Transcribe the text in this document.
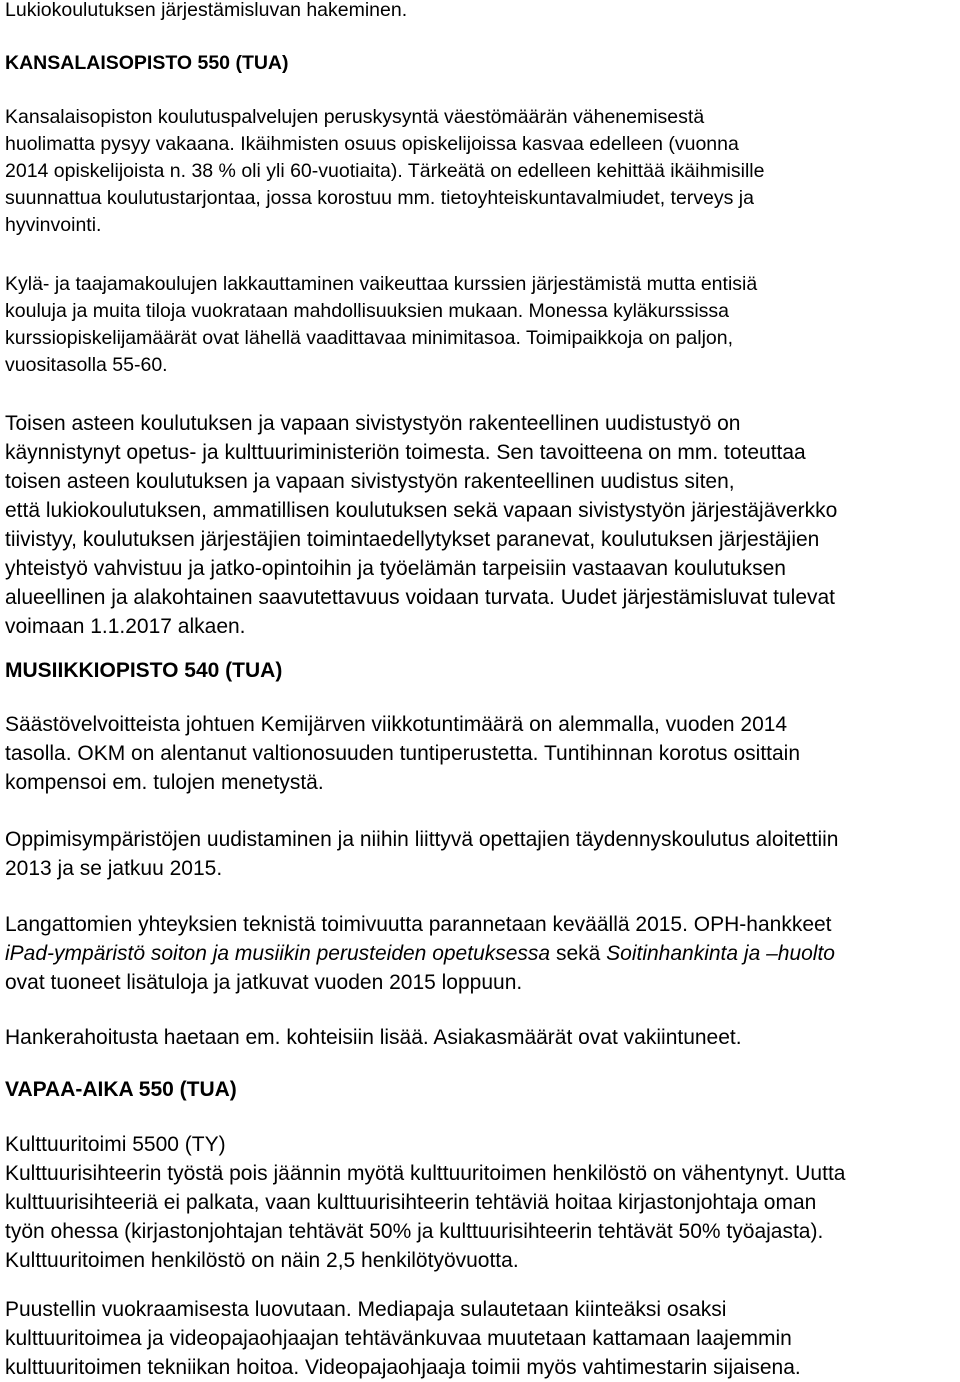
Lukiokoulutuksen järjestämisluvan hakeminen.
KANSALAISOPISTO 550 (TUA)
Kansalaisopiston koulutuspalvelujen peruskysyntä väestömäärän vähenemisestä
huolimatta pysyy vakaana. Ikäihmisten osuus opiskelijoissa kasvaa edelleen (vuonna
2014 opiskelijoista n. 38 % oli yli 60-vuotiaita). Tärkeätä on edelleen kehittää ikäihmisille
suunnattua koulutustarjontaa, jossa korostuu mm. tietoyhteiskuntavalmiudet, terveys ja
hyvinvointi.
Kylä- ja taajamakoulujen lakkauttaminen vaikeuttaa kurssien järjestämistä mutta entisiä
kouluja ja muita tiloja vuokrataan mahdollisuuksien mukaan. Monessa kyläkurssissa
kurssiopiskelijamäärät ovat lähellä vaadittavaa minimitasoa. Toimipaikkoja on paljon,
vuositasolla 55-60.
Toisen asteen koulutuksen ja vapaan sivistystyön rakenteellinen uudistustyö on
käynnistynyt opetus- ja kulttuuriministeriön toimesta. Sen tavoitteena on mm. toteuttaa
toisen asteen koulutuksen ja vapaan sivistystyön rakenteellinen uudistus siten,
että lukiokoulutuksen, ammatillisen koulutuksen sekä vapaan sivistystyön järjestäjäverkko
tiivistyy, koulutuksen järjestäjien toimintaedellytykset paranevat, koulutuksen järjestäjien
yhteistyö vahvistuu ja jatko-opintoihin ja työelämän tarpeisiin vastaavan koulutuksen
alueellinen ja alakohtainen saavutettavuus voidaan turvata. Uudet järjestämisluvat tulevat
voimaan 1.1.2017 alkaen.
MUSIIKKIOPISTO 540 (TUA)
Säästövelvoitteista johtuen Kemijärven viikkotuntimäärä on alemmalla, vuoden 2014
tasolla. OKM on alentanut valtionosuuden tuntiperustetta. Tuntihinnan korotus osittain
kompensoi em. tulojen menetystä.
Oppimisympäristöjen uudistaminen ja niihin liittyvä opettajien täydennyskoulutus aloitettiin
2013 ja se jatkuu 2015.
Langattomien yhteyksien teknistä toimivuutta parannetaan keväällä 2015. OPH-hankkeet
Hankerahoitusta haetaan em. kohteisiin lisää. Asiakasmäärät ovat vakiintuneet.
VAPAA-AIKA 550 (TUA)
Kulttuuritoimi 5500 (TY)
Kulttuurisihteerin työstä pois jäännin myötä kulttuuritoimen henkilöstö on vähentynyt. Uutta
kulttuurisihteeriä ei palkata, vaan kulttuurisihteerin tehtäviä hoitaa kirjastonjohtaja oman
työn ohessa (kirjastonjohtajan tehtävät 50% ja kulttuurisihteerin tehtävät 50% työajasta).
Kulttuuritoimen henkilöstö on näin 2,5 henkilötyövuotta.
Puustellin vuokraamisesta luovutaan. Mediapaja sulautetaan kiinteäksi osaksi
kulttuuritoimea ja videopajaohjaajan tehtävänkuvaa muutetaan kattamaan laajemmin
kulttuuritoimen tekniikan hoitoa. Videopajaohjaaja toimii myös vahtimestarin sijaisena.
iPad-ympäristö soiton ja musiikin perusteiden opetuksessa sekä Soitinhankinta ja –huolto
ovat tuoneet lisätuloja ja jatkuvat vuoden 2015 loppuun.
